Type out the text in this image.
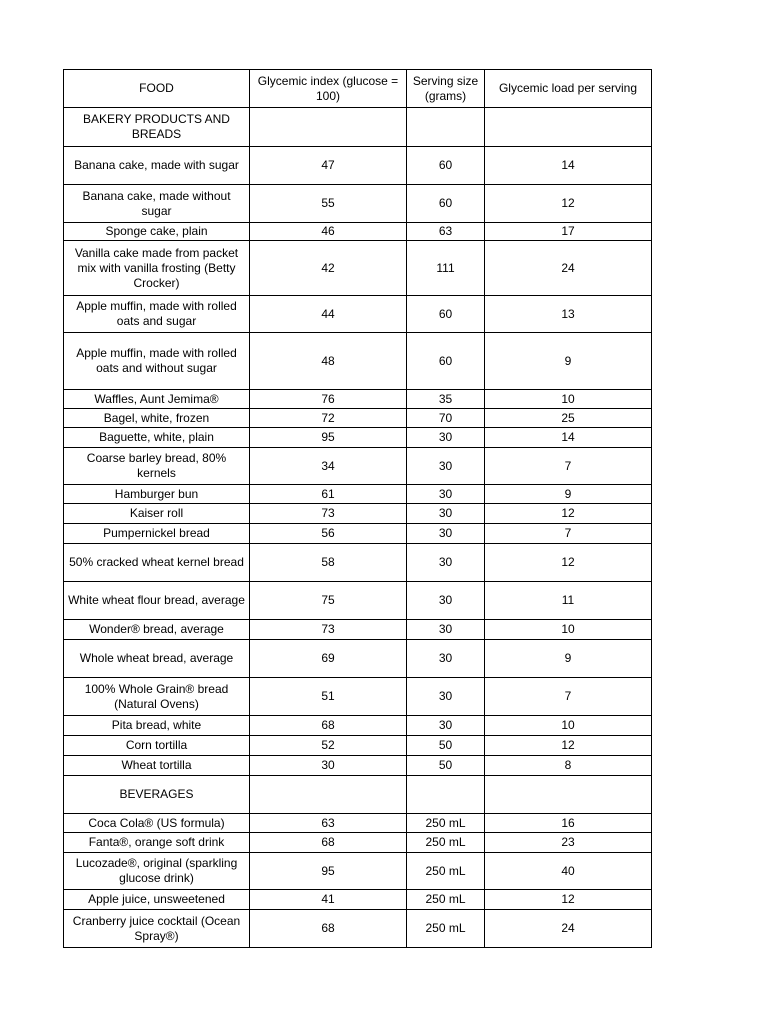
FOOD	Glycemic index (glucose = 100)	Serving size (grams)	Glycemic load per serving
BAKERY PRODUCTS AND BREADS			
Banana cake, made with sugar	47	60	14
Banana cake, made without sugar	55	60	12
Sponge cake, plain	46	63	17
Vanilla cake made from packet mix with vanilla frosting (Betty Crocker)	42	111	24
Apple muffin, made with rolled oats and sugar	44	60	13
Apple muffin, made with rolled oats and without sugar	48	60	9
Waffles, Aunt Jemima®	76	35	10
Bagel, white, frozen	72	70	25
Baguette, white, plain	95	30	14
Coarse barley bread, 80% kernels	34	30	7
Hamburger bun	61	30	9
Kaiser roll	73	30	12
Pumpernickel bread	56	30	7
50% cracked wheat kernel bread	58	30	12
White wheat flour bread, average	75	30	11
Wonder® bread, average	73	30	10
Whole wheat bread, average	69	30	9
100% Whole Grain® bread (Natural Ovens)	51	30	7
Pita bread, white	68	30	10
Corn tortilla	52	50	12
Wheat tortilla	30	50	8
BEVERAGES			
Coca Cola® (US formula)	63	250 mL	16
Fanta®, orange soft drink	68	250 mL	23
Lucozade®, original (sparkling glucose drink)	95	250 mL	40
Apple juice, unsweetened	41	250 mL	12
Cranberry juice cocktail (Ocean Spray®)	68	250 mL	24
